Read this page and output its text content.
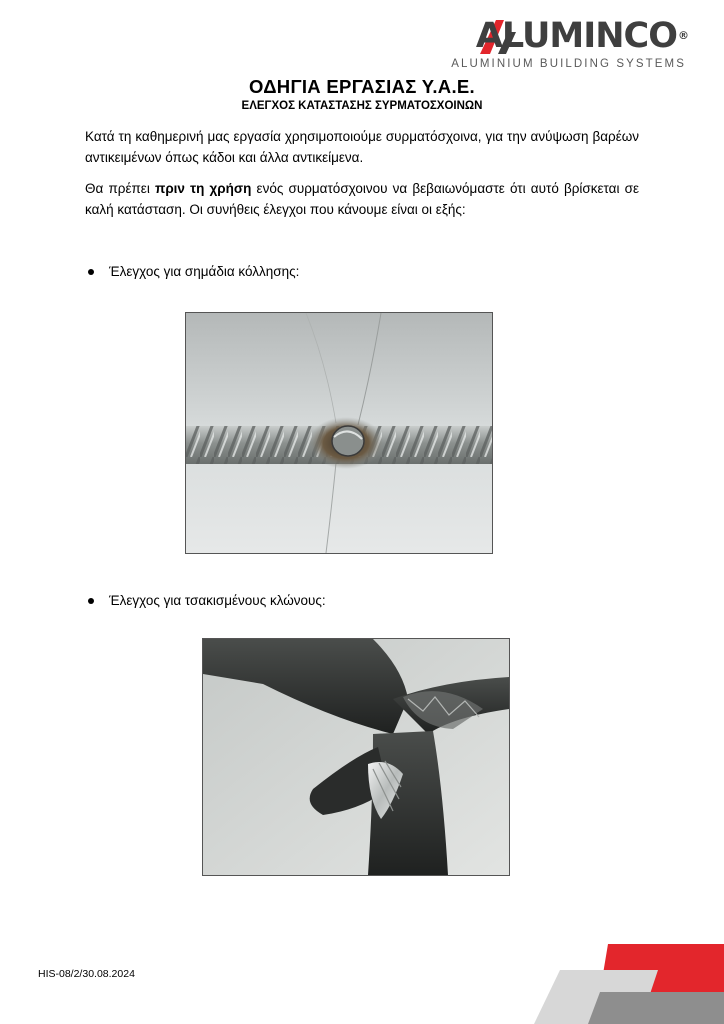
ALUMINCO®
ALUMINIUM BUILDING SYSTEMS
ΟΔΗΓΙΑ ΕΡΓΑΣΙΑΣ Υ.Α.Ε.
ΕΛΕΓΧΟΣ ΚΑΤΑΣΤΑΣΗΣ ΣΥΡΜΑΤΟΣΧΟΙΝΩΝ
Κατά τη καθημερινή μας εργασία χρησιμοποιούμε συρματόσχοινα, για την ανύψωση βαρέων αντικειμένων όπως κάδοι και άλλα αντικείμενα.
Θα πρέπει πριν τη χρήση ενός συρματόσχοινου να βεβαιωνόμαστε ότι αυτό βρίσκεται σε καλή κατάσταση. Οι συνήθεις έλεγχοι που κάνουμε είναι οι εξής:
Έλεγχος για σημάδια κόλλησης:
Έλεγχος για τσακισμένους κλώνους:
HIS-08/2/30.08.2024
